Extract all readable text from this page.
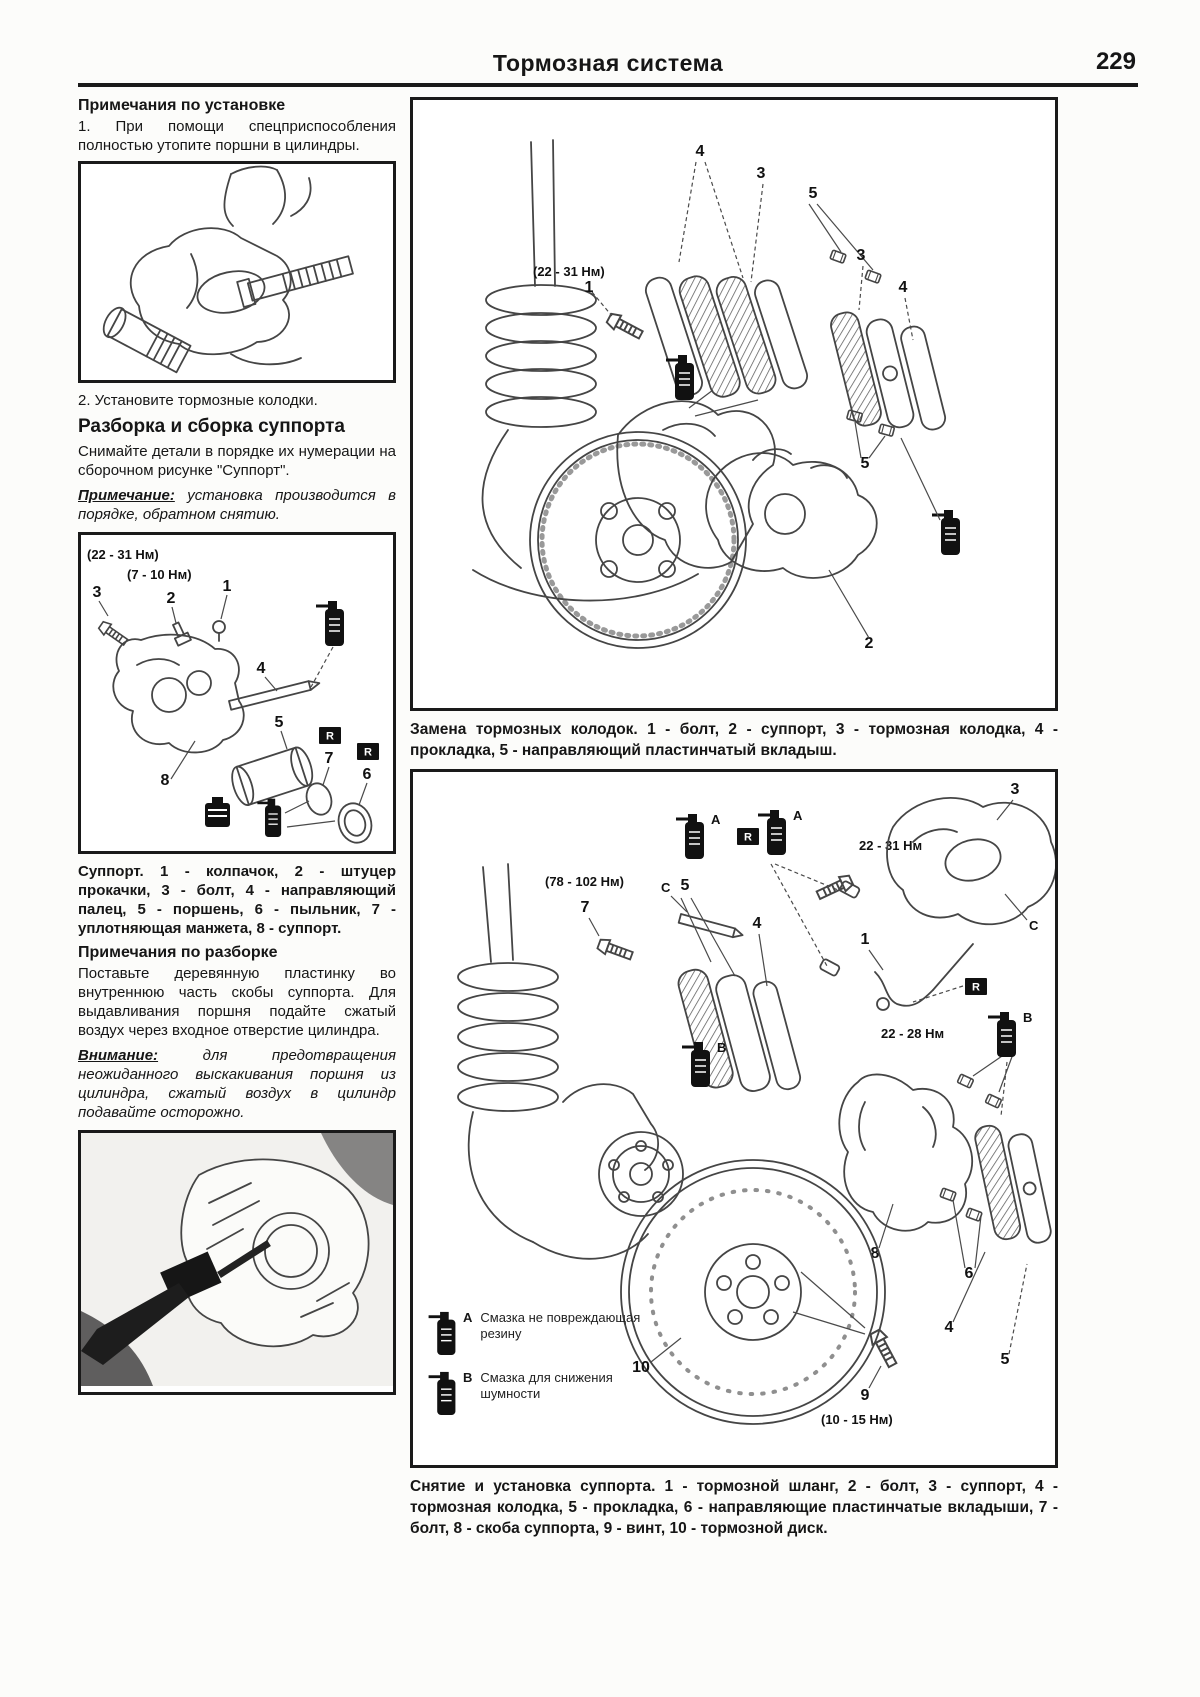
Тормозная система	229
Примечания по установке

1. При помощи спецприспособления полностью утопите поршни в цилиндры.

2. Установите тормозные колодки.

Разборка и сборка суппорта

Снимайте детали в порядке их нумерации на сборочном рисунке "Суппорт".

Примечание: установка производится в порядке, обратном снятию.

(22 - 31 Нм)
(7 - 10 Нм)
3	2
1
4
5
R
7	R
6
8

Суппорт. 1 - колпачок, 2 - штуцер прокачки, 3 - болт, 4 - направляющий палец, 5 - поршень, 6 - пыльник, 7 - уплотняющая манжета, 8 - суппорт.

Примечания по разборке

Поставьте деревянную пластинку во внутреннюю часть скобы суппорта. Для выдавливания поршня подайте сжатый воздух через входное отверстие цилиндра.

Внимание:	для предотвращения неожиданного выскакивания поршня из цилиндра, сжатый воздух в цилиндр подавайте осторожно.

4
3
5
3
4
(22 - 31 Нм)
1
5
2

Замена тормозных колодок. 1 - болт, 2 - суппорт, 3 - тормозная колодка, 4 - прокладка, 5 - направляющий пластинчатый вкладыш.

A
R
A
22 - 31 Нм
3
C
C
1
R
22 - 28 Нм
(78 - 102 Нм)
7
5
4
B
8
6
B
4
5
10
9
(10 - 15 Нм)
A Смазка не повреждающая резину
B Смазка для снижения шумности

Снятие и установка суппорта. 1 - тормозной шланг, 2 - болт, 3 - суппорт, 4 - тормозная колодка, 5 - прокладка, 6 - направляющие пластинчатые вкладыши, 7 - болт, 8 - скоба суппорта, 9 - винт, 10 - тормозной диск.
